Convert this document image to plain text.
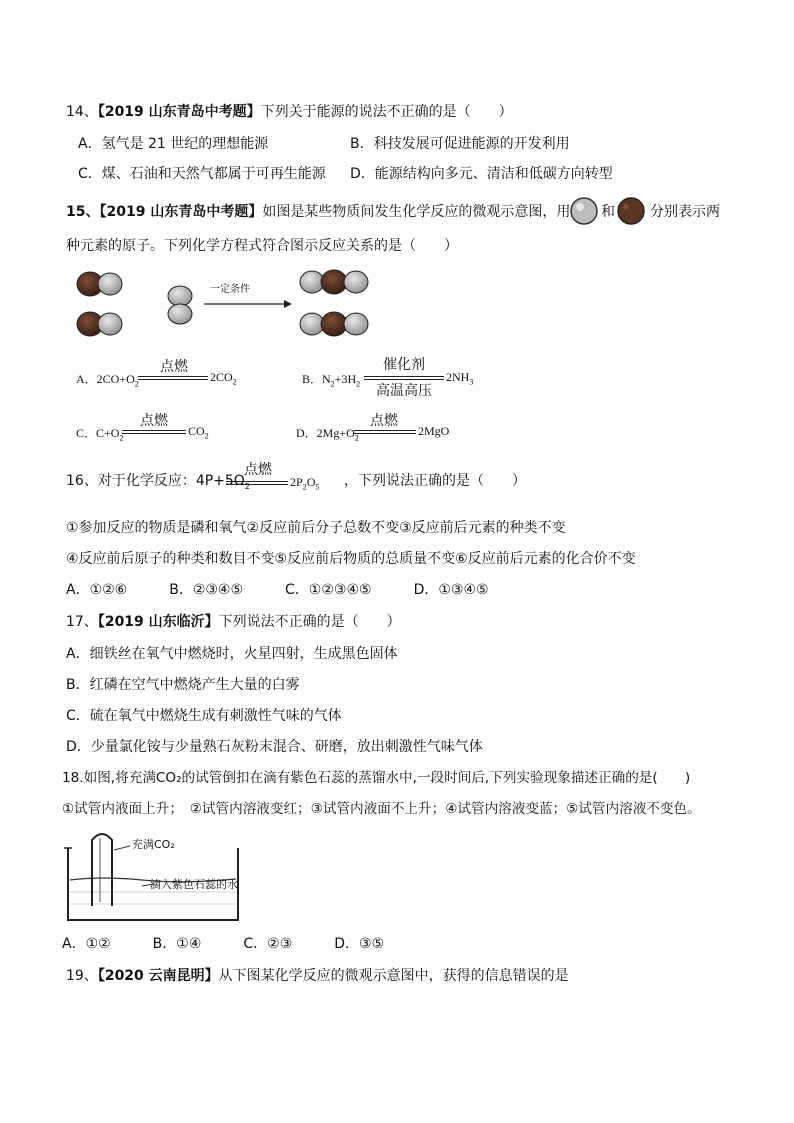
14、【2019 山东青岛中考题】下列关于能源的说法不正确的是（　　）
A．氢气是 21 世纪的理想能源	B．科技发展可促进能源的开发利用
C．煤、石油和天然气都属于可再生能源 D．能源结构向多元、清洁和低碳方向转型
15、【2019 山东青岛中考题】如图是某些物质间发生化学反应的微观示意图，用 和	分别表示两
种元素的原子。下列化学方程式符合图示反应关系的是（　　）
一定条件
A．$2CO+O_2$
点燃
$2CO_2$	B．$N_2+3H_2$
催化剂
高温高压
$2NH_3$
C．$C+O_2$
点燃
$CO_2$	D．$2Mg+O_2$
点燃
2MgO
16、对于化学反应：$4P+5O_2$
点燃
$2P_2O_5$ ，下列说法正确的是（　　）
①参加反应的物质是磷和氧气②反应前后分子总数不变③反应前后元素的种类不变
④反应前后原子的种类和数目不变⑤反应前后物质的总质量不变⑥反应前后元素的化合价不变
A．①②⑥　　　B．②③④⑤　　　C．①②③④⑤　　　D．①③④⑤
17、【2019 山东临沂】下列说法不正确的是（　　）
A．细铁丝在氧气中燃烧时，火星四射，生成黑色固体
B．红磷在空气中燃烧产生大量的白雾
C．硫在氧气中燃烧生成有刺激性气味的气体
D．少量氯化铵与少量熟石灰粉末混合、研磨，放出刺激性气味气体
18.如图,将充满CO₂的试管倒扣在滴有紫色石蕊的蒸馏水中,一段时间后,下列实验现象描述正确的是(　　)
①试管内液面上升；　②试管内溶液变红；③试管内液面不上升；④试管内溶液变蓝；⑤试管内溶液不变色。
充满CO₂
滴入紫色石蕊的水
A．①②　　　B．①④　　　C．②③　　　D．③⑤
19、【2020 云南昆明】从下图某化学反应的微观示意图中，获得的信息错误的是
